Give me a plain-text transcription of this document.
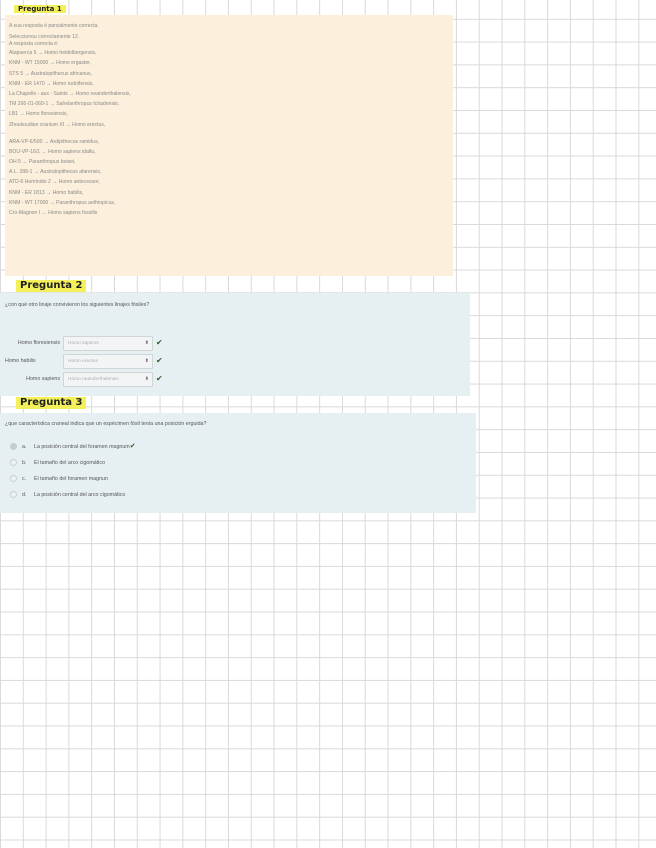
Pregunta 1
A sua resposta é parcialmente correcta.
Seleccionou correctamente 12.
A resposta correcta é:
Atapuerca 5 → Homo heidelbergensis,
KNM - WT 15000 → Homo ergaster,
STS 5 → Australopithecus africanus,
KNM - ER 1470 → Homo rudolfensis,
La Chapelle - aux - Saints → Homo neanderthalensis,
TM 266-01-060-1 → Sahelanthropus tchadensis,
LB1 → Homo floresiensis,
Zhoukoudian cranium XI → Homo erectus,
ARA-VP-6/500 → Ardipithecus ramidus,
BOU-VP-16/1 → Homo sapiens idaltu,
OH 5 → Paranthropus boisei,
A.L. 288-1 → Australopithecus afarensis,
ATD-6 Homínido 2 → Homo antecessor,
KNM - ER 1813 → Homo habilis,
KNM - WT 17000 → Paranthropus aethiopicus,
Cro-Magnon I → Homo sapiens fossilis
Pregunta 2
¿con qué otro linaje convivieron los siguientes linajes fósiles?
Homo floresiensis	Homo sapiens	⬍ ✔
Homo habilis	Homo erectus	⬍ ✔
Homo sapiens	Homo neanderthalensis	⬍ ✔
Pregunta 3
¿que característica craneal indica que un espécimen fósil tenía una posición erguida?
a. La posición central del foramen magnum✔
b. El tamaño del arco cigomático
c. El tamaño del foramen magnun
d. La posición central del arco cigomático
